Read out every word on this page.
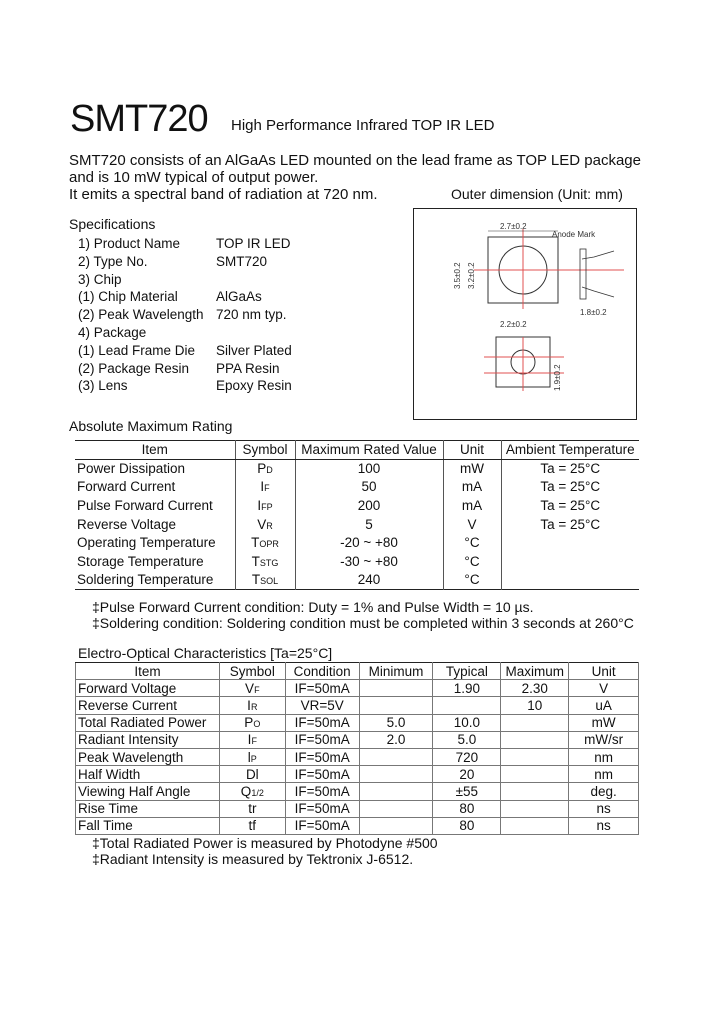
SMT720 High Performance Infrared TOP IR LED
SMT720 consists of an AlGaAs LED mounted on the lead frame as TOP LED package
and is 10 mW typical of output power.
It emits a spectral band of radiation at 720 nm.	Outer dimension (Unit: mm)
Specifications
1) Product Name	TOP IR LED
2) Type No.	SMT720
3) Chip
(1) Chip Material	AlGaAs
(2) Peak Wavelength 720 nm typ.
4) Package
(1) Lead Frame Die Silver Plated
(2) Package Resin PPA Resin
(3) Lens	Epoxy Resin
2.7±0.2
Anode Mark
3.5±0.2 3.2±0.2
1.8±0.2
2.2±0.2
1.9±0.2
Absolute Maximum Rating
Item	Symbol	Maximum Rated Value	Unit	Ambient Temperature
Power Dissipation	PD	100	mW	Ta = 25°C
Forward Current	IF	50	mA	Ta = 25°C
Pulse Forward Current	IFP	200	mA	Ta = 25°C
Reverse Voltage	VR	5	V	Ta = 25°C
Operating Temperature	TOPR	-20 ~ +80	°C	
Storage Temperature	TSTG	-30 ~ +80	°C	
Soldering Temperature	TSOL	240	°C	
‡Pulse Forward Current condition: Duty = 1% and Pulse Width = 10 µs.
‡Soldering condition: Soldering condition must be completed within 3 seconds at 260°C
Electro-Optical Characteristics [Ta=25°C]
Item	Symbol	Condition	Minimum	Typical	Maximum	Unit
Forward Voltage	VF	IF=50mA		1.90	2.30	V
Reverse Current	IR	VR=5V			10	uA
Total Radiated Power	PO	IF=50mA	5.0	10.0		mW
Radiant Intensity	IF	IF=50mA	2.0	5.0		mW/sr
Peak Wavelength	lP	IF=50mA		720		nm
Half Width	Dl	IF=50mA		20		nm
Viewing Half Angle	Q1/2	IF=50mA		±55		deg.
Rise Time	tr	IF=50mA		80		ns
Fall Time	tf	IF=50mA		80		ns
‡Total Radiated Power is measured by Photodyne #500
‡Radiant Intensity is measured by Tektronix J-6512.
